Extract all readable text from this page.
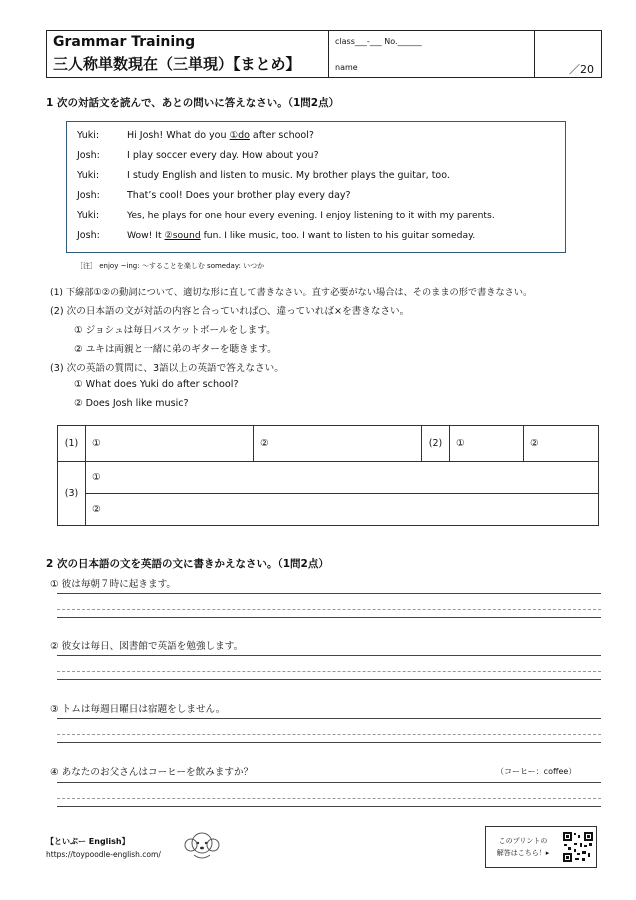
Grammar Training
三人称単数現在（三単現）【まとめ】
class___-___ No.______
name	／20
1 次の対話文を読んで、あとの問いに答えなさい。（1問2点）
Yuki:	Hi Josh! What do you ①do after school?
Josh:	I play soccer every day. How about you?
Yuki:	I study English and listen to music. My brother plays the guitar, too.
Josh:	That’s cool! Does your brother play every day?
Yuki:	Yes, he plays for one hour every evening. I enjoy listening to it with my parents.
Josh:	Wow! It ②sound fun. I like music, too. I want to listen to his guitar someday.
［注］ enjoy ~ing: ～することを楽しむ someday: いつか
(1) 下線部①②の動詞について、適切な形に直して書きなさい。直す必要がない場合は、そのままの形で書きなさい。
(2) 次の日本語の文が対話の内容と合っていれば○、違っていれば×を書きなさい。
① ジョシュは毎日バスケットボールをします。
② ユキは両親と一緒に弟のギターを聴きます。
(3) 次の英語の質問に、3語以上の英語で答えなさい。
① What does Yuki do after school?
② Does Josh like music?
(1)	①	②	(2)	①	②
(3)	①				
	②				
2 次の日本語の文を英語の文に書きかえなさい。（1問2点）
① 彼は毎朝７時に起きます。
② 彼女は毎日、図書館で英語を勉強します。
③ トムは毎週日曜日は宿題をしません。
④ あなたのお父さんはコーヒーを飲みますか？	（コーヒー：coffee）
【といぷー English】
https://toypoodle-english.com/
このプリントの
解答はこちら！▸
